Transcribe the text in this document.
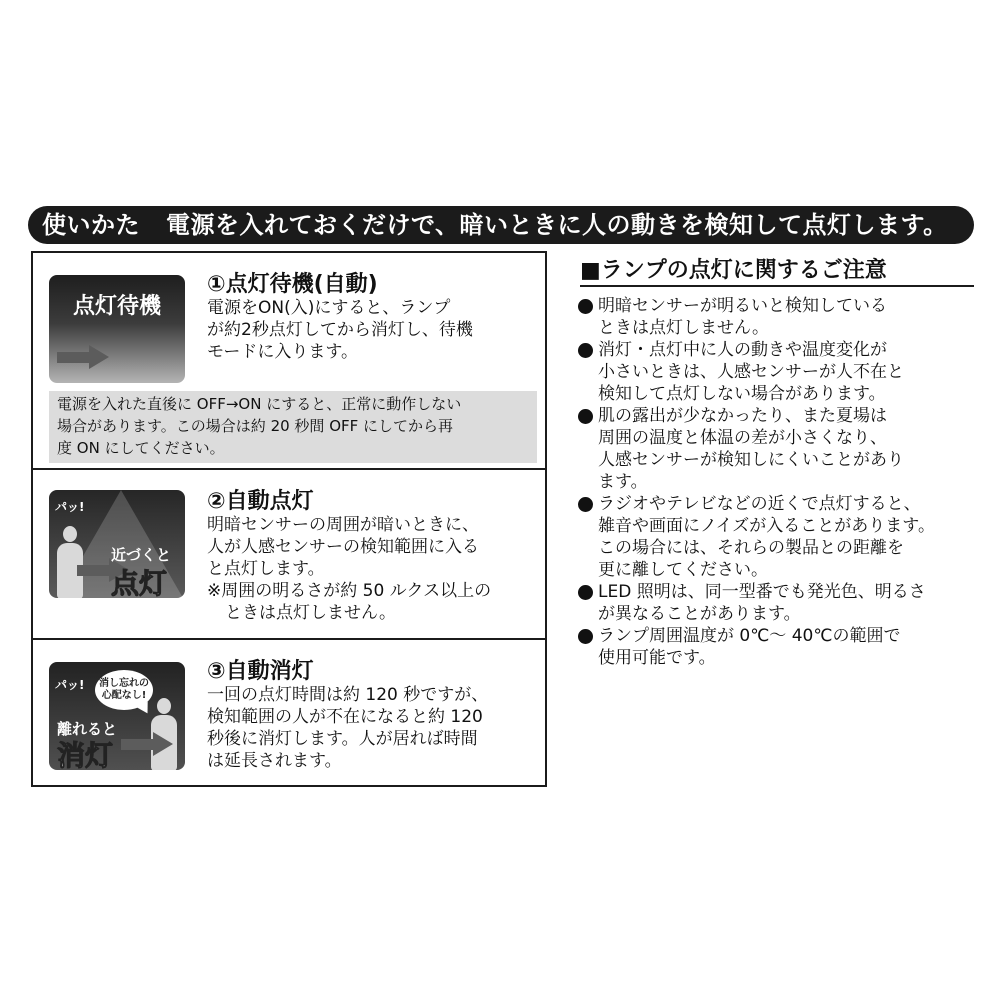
使いかた 電源を入れておくだけで、暗いときに人の動きを検知して点灯します。
点灯待機
①点灯待機(自動)
電源をON(入)にすると、ランプ
が約2秒点灯してから消灯し、待機
モードに入ります。
電源を入れた直後に OFF→ON にすると、正常に動作しない
場合があります。この場合は約 20 秒間 OFF にしてから再
度 ON にしてください。
パッ!
近づくと
点灯
②自動点灯
明暗センサーの周囲が暗いときに、
人が人感センサーの検知範囲に入る
と点灯します。
※周囲の明るさが約 50 ルクス以上の
ときは点灯しません。
パッ!	消し忘れの
心配なし!
離れると
消灯
③自動消灯
一回の点灯時間は約 120 秒ですが、
検知範囲の人が不在になると約 120
秒後に消灯します。人が居れば時間
は延長されます。
■ランプの点灯に関するご注意
明暗センサーが明るいと検知している
ときは点灯しません。
消灯・点灯中に人の動きや温度変化が
小さいときは、人感センサーが人不在と
検知して点灯しない場合があります。
肌の露出が少なかったり、また夏場は
周囲の温度と体温の差が小さくなり、
人感センサーが検知しにくいことがあり
ます。
ラジオやテレビなどの近くで点灯すると、
雑音や画面にノイズが入ることがあります。
この場合には、それらの製品との距離を
更に離してください。
LED 照明は、同一型番でも発光色、明るさ
が異なることがあります。
ランプ周囲温度が 0℃〜 40℃の範囲で
使用可能です。
